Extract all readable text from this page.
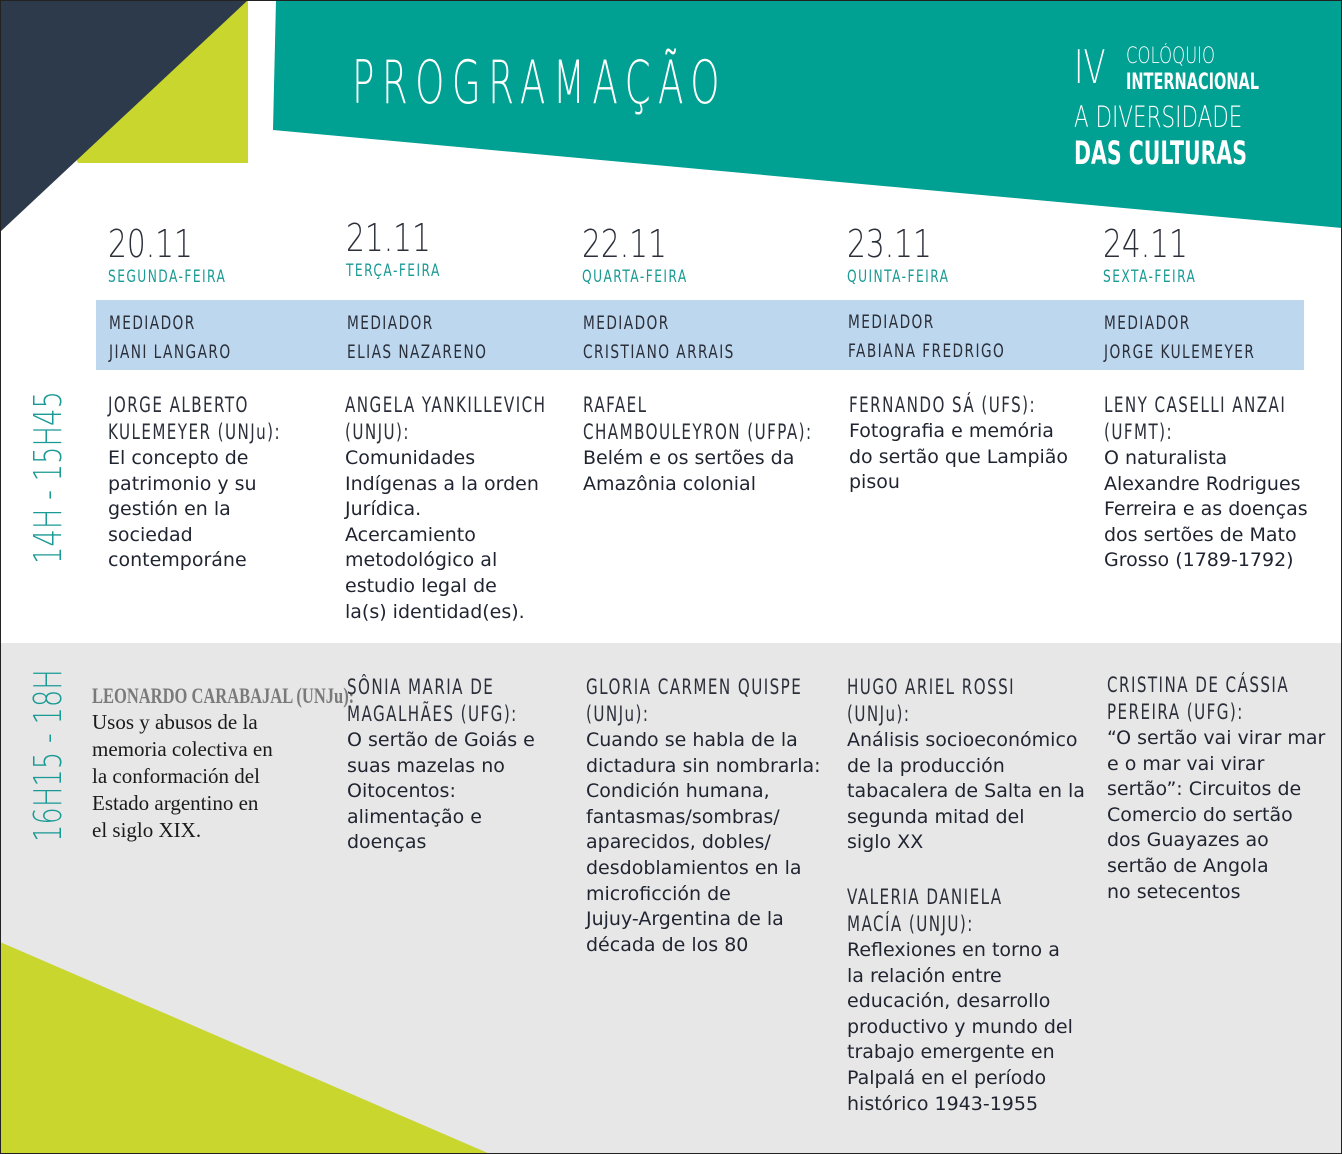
PROGRAMAÇÃO	IV COLÓQUIO
INTERNACIONAL
A DIVERSIDADE
DAS CULTURAS
20.11
SEGUNDA-FEIRA
21.11
TERÇA-FEIRA
22.11
QUARTA-FEIRA
23.11
QUINTA-FEIRA
24.11
SEXTA-FEIRA
MEDIADOR
JIANI LANGARO
MEDIADOR
ELIAS NAZARENO
MEDIADOR
CRISTIANO ARRAIS
MEDIADOR
FABIANA FREDRIGO
MEDIADOR
JORGE KULEMEYER
14H - 15H45
16H15 - 18H
JORGE ALBERTO
KULEMEYER (UNJu):
El concepto de
patrimonio y su
gestión en la
sociedad
contemporáne
ANGELA YANKILLEVICH
(UNJU):
Comunidades
Indígenas a la orden
Jurídica.
Acercamiento
metodológico al
estudio legal de
la(s) identidad(es).
RAFAEL
CHAMBOULEYRON (UFPA):
Belém e os sertões da
Amazônia colonial
FERNANDO SÁ (UFS):
Fotografia e memória
do sertão que Lampião
pisou
LENY CASELLI ANZAI
(UFMT):
O naturalista
Alexandre Rodrigues
Ferreira e as doenças
dos sertões de Mato
Grosso (1789-1792)
LEONARDO CARABAJAL (UNJu):
Usos y abusos de la
memoria colectiva en
la conformación del
Estado argentino en
el siglo XIX.
SÔNIA MARIA DE
MAGALHÃES (UFG):
O sertão de Goiás e
suas mazelas no
Oitocentos:
alimentação e
doenças
GLORIA CARMEN QUISPE
(UNJu):
Cuando se habla de la
dictadura sin nombrarla:
Condición humana,
fantasmas/sombras/
aparecidos, dobles/
desdoblamientos en la
microficción de
Jujuy-Argentina de la
década de los 80
HUGO ARIEL ROSSI
(UNJu):
Análisis socioeconómico
de la producción
tabacalera de Salta en la
segunda mitad del
siglo XX
VALERIA DANIELA
MACÍA (UNJU):
Reflexiones en torno a
la relación entre
educación, desarrollo
productivo y mundo del
trabajo emergente en
Palpalá en el período
histórico 1943-1955
CRISTINA DE CÁSSIA
PEREIRA (UFG):
“O sertão vai virar mar
e o mar vai virar
sertão”: Circuitos de
Comercio do sertão
dos Guayazes ao
sertão de Angola
no setecentos
